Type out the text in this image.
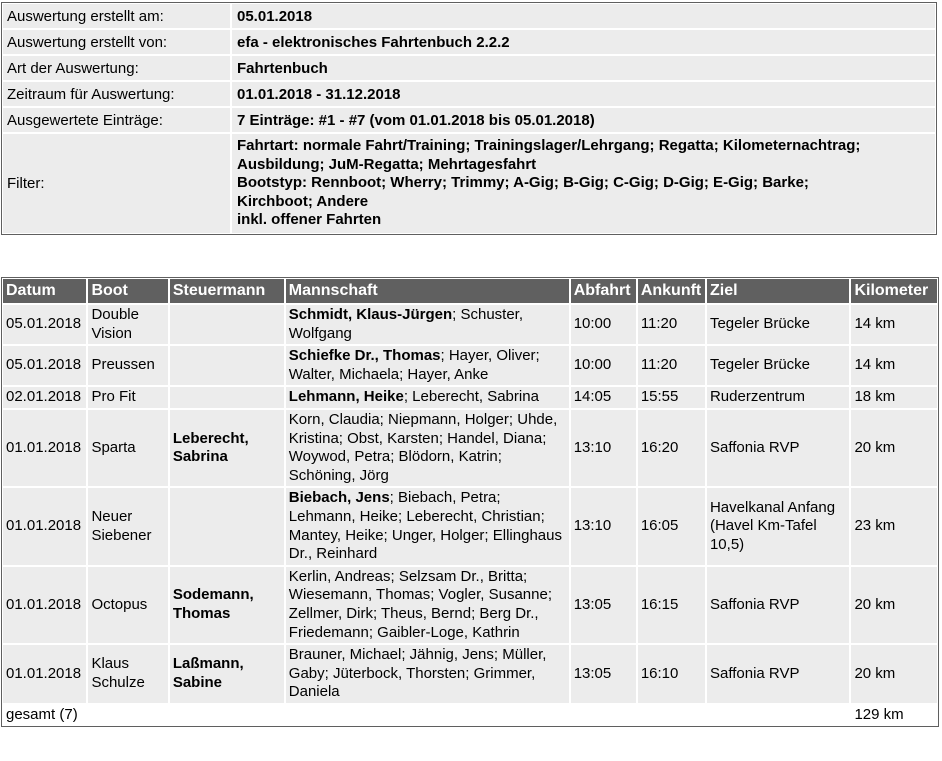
Auswertung erstellt am:	05.01.2018
Auswertung erstellt von:	efa - elektronisches Fahrtenbuch 2.2.2
Art der Auswertung:	Fahrtenbuch
Zeitraum für Auswertung:	01.01.2018 - 31.12.2018
Ausgewertete Einträge:	7 Einträge: #1 - #7 (vom 01.01.2018 bis 05.01.2018)
Filter:
Fahrtart: normale Fahrt/Training; Trainingslager/Lehrgang; Regatta; Kilometernachtrag;
Ausbildung; JuM-Regatta; Mehrtagesfahrt
Bootstyp: Rennboot; Wherry; Trimmy; A-Gig; B-Gig; C-Gig; D-Gig; E-Gig; Barke;
Kirchboot; Andere
inkl. offener Fahrten
Datum	Boot	Steuermann	Mannschaft	Abfahrt	Ankunft	Ziel	Kilometer
05.01.2018	Double Vision		Schmidt, Klaus-Jürgen; Schuster, Wolfgang	10:00	11:20	Tegeler Brücke	14 km
05.01.2018	Preussen		Schiefke Dr., Thomas; Hayer, Oliver; Walter, Michaela; Hayer, Anke	10:00	11:20	Tegeler Brücke	14 km
02.01.2018	Pro Fit		Lehmann, Heike; Leberecht, Sabrina	14:05	15:55	Ruderzentrum	18 km
01.01.2018	Sparta	Leberecht, Sabrina	Korn, Claudia; Niepmann, Holger; Uhde, Kristina; Obst, Karsten; Handel, Diana; Woywod, Petra; Blödorn, Katrin; Schöning, Jörg	13:10	16:20	Saffonia RVP	20 km
01.01.2018	Neuer Siebener		Biebach, Jens; Biebach, Petra; Lehmann, Heike; Leberecht, Christian; Mantey, Heike; Unger, Holger; Ellinghaus Dr., Reinhard	13:10	16:05	Havelkanal Anfang (Havel Km-Tafel 10,5)	23 km
01.01.2018	Octopus	Sodemann, Thomas	Kerlin, Andreas; Selzsam Dr., Britta; Wiesemann, Thomas; Vogler, Susanne; Zellmer, Dirk; Theus, Bernd; Berg Dr., Friedemann; Gaibler-Loge, Kathrin	13:05	16:15	Saffonia RVP	20 km
01.01.2018	Klaus Schulze	Laßmann, Sabine	Brauner, Michael; Jähnig, Jens; Müller, Gaby; Jüterbock, Thorsten; Grimmer, Daniela	13:05	16:10	Saffonia RVP	20 km
gesamt (7)							129 km
